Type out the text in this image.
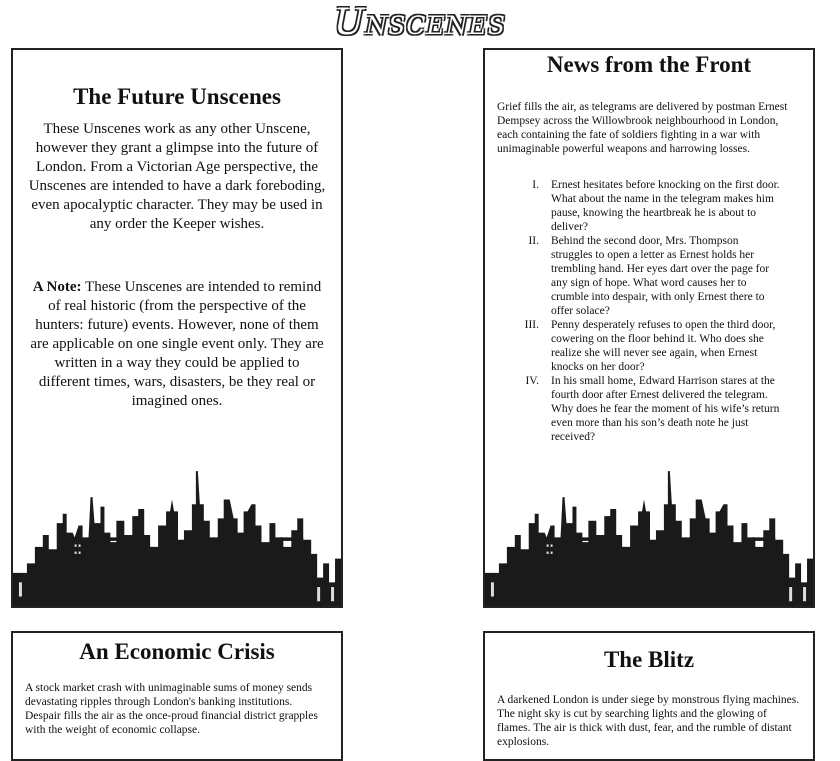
Unscenes
The Future Unscenes

These Unscenes work as any other Unscene, however they grant a glimpse into the future of London. From a Victorian Age perspective, the Unscenes are intended to have a dark foreboding, even apocalyptic character. They may be used in any order the Keeper wishes.

A Note: These Unscenes are intended to remind of real historic (from the perspective of the hunters: future) events. However, none of them are applicable on one single event only. They are written in a way they could be applied to different times, wars, disasters, be they real or imagined ones.

News from the Front

Grief fills the air, as telegrams are delivered by postman Ernest Dempsey across the Willowbrook neighbourhood in London, each containing the fate of soldiers fighting in a war with unimaginable powerful weapons and harrowing losses.

I.	Ernest hesitates before knocking on the first door. What about the name in the telegram makes him pause, knowing the heartbreak he is about to deliver?
II.	Behind the second door, Mrs. Thompson struggles to open a letter as Ernest holds her trembling hand. Her eyes dart over the page for any sign of hope. What word causes her to crumble into despair, with only Ernest there to offer solace?
III.	Penny desperately refuses to open the third door, cowering on the floor behind it. Who does she realize she will never see again, when Ernest knocks on her door?
IV.	In his small home, Edward Harrison stares at the fourth door after Ernest delivered the telegram. Why does he fear the moment of his wife’s return even more than his son’s death note he just received?
An Economic Crisis

A stock market crash with unimaginable sums of money sends devastating ripples through London's banking institutions. Despair fills the air as the once-proud financial district grapples with the weight of economic collapse.

The Blitz

A darkened London is under siege by monstrous flying machines. The night sky is cut by searching lights and the glowing of flames. The air is thick with dust, fear, and the rumble of distant explosions.
